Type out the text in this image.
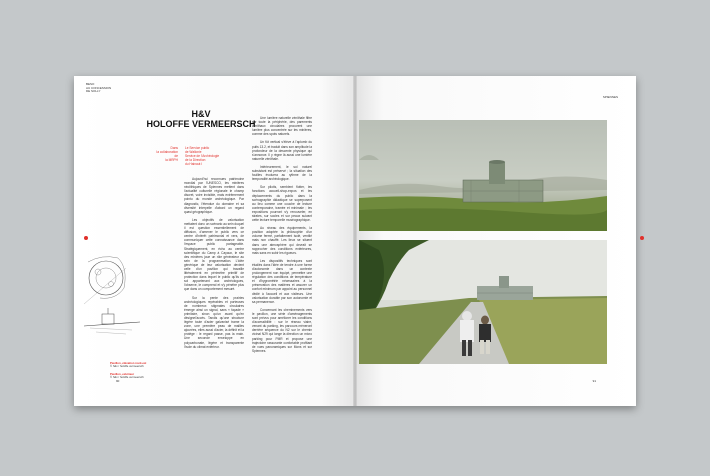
BESO
AU CONCESSION
DE SOLLY
H&V
HOLOFFE VERMEERSCH
Dans
la collaboration
de
la MRPH
Le Service public
de Wallonie
Service de l'Archéologie
de la Direction
du Hainaut I
Pavillon, élévation nord-est
© h&v / holoffe vermeersch
Pavillon, extérieur
© h&v / holoffe vermeersch

Aujourd'hui reconnues patrimoine mondial par l'UNESCO, les minières néolithiques de Spiennes mettent dans l'actualité culturelle régionale le champ discret, voire invisible, mais extrêmement pointu du monde archéologique. Par diagnostic, l'étendue du domaine et sa diversité interpelle d'abord un regard quasi géographique.

Les objectifs de valorisation mettaient donc un scénario au sein duquel il est question essentiellement de diffusion, d'amener le public vers ce centre d'intérêt patrimonial et vers, de communiquer cette connaissance dans l'espace public partageable. Stratégiquement, en écho au centre scientifique du Camp à Cayaux, le site des minières joue un rôle générateur au sein de la programmation. L'idée générique de leur valorisation devient celle d'un pavillon qui travaille littéralement en périmètre primitif de protection dans lequel le public qu'ils un sol appartenant aux archéologues, l'observe, le comprend et s'y pénètre plus que dans un comportement mesuré.

Sur la pente des prairies archéologiques repérables et porteuses de nombreux stigmates circulaires émerge ainsi un signal, sans « façade » primitaire, sinon qu'un avant qu'en désignel'accès. Tandis qu'une structure légère toute d'acier galvanisé trame la zone, une première peau de mailles ajourées, elles aussi d'acier, la définit et la protège : le regard passe, pas la main. Une seconde enveloppe en polycarbonate, légère et transparente l'isole du climat extérieur.

Une lumière naturelle zénithale filtre sur toute la périphérie, des parements zénithaux circulaires procurent une lumière plus concentrée sur les minières, comme des spots naturels.

Un fût vertical s'élève à l'aplomb du puits 13.2, et traduit dans son amplitude la profondeur de la descente physique qui s'annonce. Il y règne là aussi une lumière naturelle zénithale.

Intérieurement, le sol naturel subsistant est préservé ; la situation des fouilles évoluera au rythme de la temporalité archéologique.

Sur pilotis, semblent flotter, les fonctions accueil-shop-expos et les déplacements du public dans la scénographie didactique se superposent au lieu comme une couche de lecture contemporaine, tramée et minimale ; les expositions pourront s'y renouveler, en strates, sur socles et sur peaux suivant cette lecture temporelle muséographique.

Au niveau des équipements, la position adoptée la philosophie d'un volume fermé, parfaitement isolé, ventilé mais non chauffé. Les lieux se situent dans une atmosphère qui devrait se rapprocher des conditions extérieures, mais sans en subir les rigueurs.

Les dispositifs techniques sont étudiés dans l'idée de tendre à une forme d'autonomie dans un contexte prolongement non équipé, permettre une régulation des conditions de température et d'hygrométrie nécessaires à la préservation des matières et assurer un confort minimum par appoint au personnel dédié à l'accueil et aux visiteurs. Une valorisation durable par son autonomie et sa permanence.

Concernant les cheminements vers le pavillon, une série d'aménagements sont prévus pour améliorer les conditions d'accessibilité : sur le réseau viaire, venant du parking, les parcours mèneront derrière séquence du N2 sur le chemin vicinal N29 qui longe la direction un micro parking pour PMR et propose une trajectoire rassurante confortable profitant de vues panoramiques sur Mons et sur Spiennes.

90
SPIENNES
91
